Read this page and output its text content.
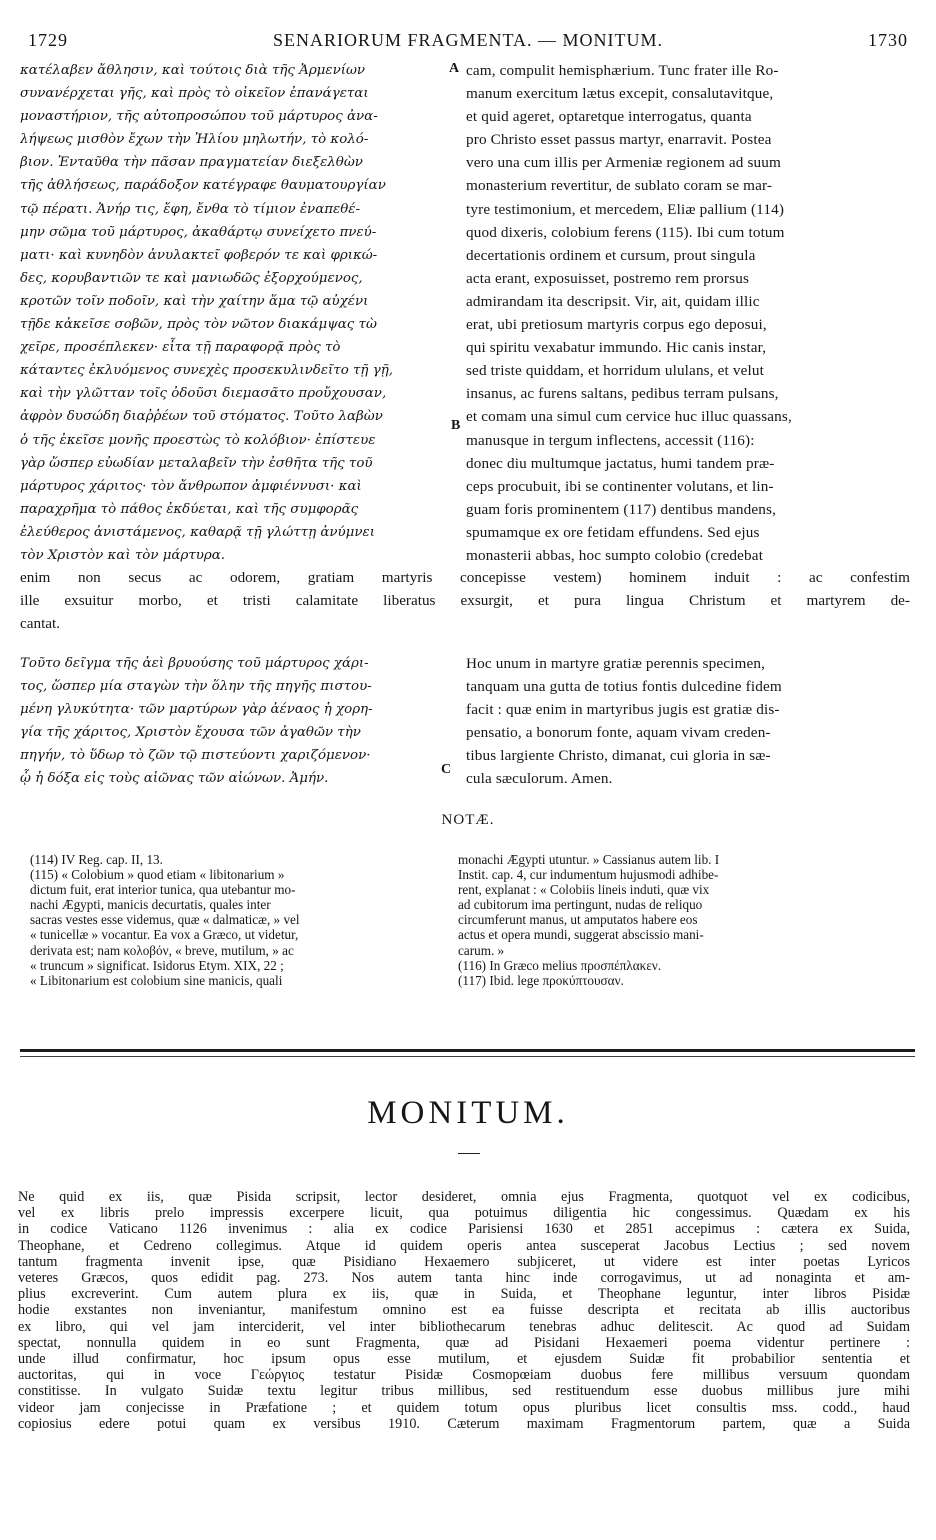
SENARIORUM FRAGMENTA. — MONITUM.
1729	1730
κατέλαβεν ἄθλησιν, καὶ τούτοις διὰ τῆς Ἀρμενίων
συνανέρχεται γῆς, καὶ πρὸς τὸ οἰκεῖον ἐπανάγεται
μοναστήριον, τῆς αὐτοπροσώπου τοῦ μάρτυρος ἀνα-
λήψεως μισθὸν ἔχων τὴν Ἠλίου μηλωτήν, τὸ κολό-
βιον. Ἐνταῦθα τὴν πᾶσαν πραγματείαν διεξελθὼν
τῆς ἀθλήσεως, παράδοξον κατέγραφε θαυματουργίαν
τῷ πέρατι. Ἀνήρ τις, ἔφη, ἔνθα τὸ τίμιον ἐναπεθέ-
μην σῶμα τοῦ μάρτυρος, ἀκαθάρτῳ συνείχετο πνεύ-
ματι· καὶ κυνηδὸν ἀνυλακτεῖ φοβερόν τε καὶ φρικώ-
δες, κορυβαντιῶν τε καὶ μανιωδῶς ἐξορχούμενος,
κροτῶν τοῖν ποδοῖν, καὶ τὴν χαίτην ἅμα τῷ αὐχένι
τῇδε κἀκεῖσε σοβῶν, πρὸς τὸν νῶτον διακάμψας τὼ
χεῖρε, προσέπλεκεν· εἶτα τῇ παραφορᾷ πρὸς τὸ
κάταντες ἐκλυόμενος συνεχὲς προσεκυλινδεῖτο τῇ γῇ,
καὶ τὴν γλῶτταν τοῖς ὀδοῦσι διεμασᾶτο προὔχουσαν,
ἀφρὸν δυσώδη διαῤῥέων τοῦ στόματος. Τοῦτο λαβὼν
ὁ τῆς ἐκεῖσε μονῆς προεστὼς τὸ κολόβιον· ἐπίστευε
γὰρ ὥσπερ εὐωδίαν μεταλαβεῖν τὴν ἐσθῆτα τῆς τοῦ
μάρτυρος χάριτος· τὸν ἄνθρωπον ἀμφιέννυσι· καὶ
παραχρῆμα τὸ πάθος ἐκδύεται, καὶ τῆς συμφορᾶς
ἐλεύθερος ἀνιστάμενος, καθαρᾷ τῇ γλώττῃ ἀνύμνει
τὸν Χριστὸν καὶ τὸν μάρτυρα.
A
B
C
cam, compulit hemisphærium. Tunc frater ille Ro-
manum exercitum lætus excepit, consalutavitque,
et quid ageret, optaretque interrogatus, quanta
pro Christo esset passus martyr, enarravit. Postea
vero una cum illis per Armeniæ regionem ad suum
monasterium revertitur, de sublato coram se mar-
tyre testimonium, et mercedem, Eliæ pallium (114)
quod dixeris, colobium ferens (115). Ibi cum totum
decertationis ordinem et cursum, prout singula
acta erant, exposuisset, postremo rem prorsus
admirandam ita descripsit. Vir, ait, quidam illic
erat, ubi pretiosum martyris corpus ego deposui,
qui spiritu vexabatur immundo. Hic canis instar,
sed triste quiddam, et horridum ululans, et velut
insanus, ac furens saltans, pedibus terram pulsans,
et comam una simul cum cervice huc illuc quassans,
manusque in tergum inflectens, accessit (116):
donec diu multumque jactatus, humi tandem præ-
ceps procubuit, ibi se continenter volutans, et lin-
guam foris prominentem (117) dentibus mandens,
spumamque ex ore fetidam effundens. Sed ejus
monasterii abbas, hoc sumpto colobio (credebat
enim non secus ac odorem, gratiam martyris concepisse vestem) hominem induit : ac confestim
ille exsuitur morbo, et tristi calamitate liberatus exsurgit, et pura lingua Christum et martyrem de-
cantat.
Τοῦτο δεῖγμα τῆς ἀεὶ βρυούσης τοῦ μάρτυρος χάρι-
τος, ὥσπερ μία σταγὼν τὴν ὅλην τῆς πηγῆς πιστου-
μένη γλυκύτητα· τῶν μαρτύρων γὰρ ἀέναος ἡ χορη-
γία τῆς χάριτος, Χριστὸν ἔχουσα τῶν ἀγαθῶν τὴν
πηγήν, τὸ ὕδωρ τὸ ζῶν τῷ πιστεύοντι χαριζόμενον·
ᾧ ἡ δόξα εἰς τοὺς αἰῶνας τῶν αἰώνων. Ἀμήν.
Hoc unum in martyre gratiæ perennis specimen,
tanquam una gutta de totius fontis dulcedine fidem
facit : quæ enim in martyribus jugis est gratiæ dis-
pensatio, a bonorum fonte, aquam vivam creden-
tibus largiente Christo, dimanat, cui gloria in sæ-
cula sæculorum. Amen.
NOTÆ.
(114) IV Reg. cap. II, 13.
(115) « Colobium » quod etiam « libitonarium »
dictum fuit, erat interior tunica, qua utebantur mo-
nachi Ægypti, manicis decurtatis, quales inter
sacras vestes esse videmus, quæ « dalmaticæ, » vel
« tunicellæ » vocantur. Ea vox a Græco, ut videtur,
derivata est; nam κολοβόν, « breve, mutilum, » ac
« truncum » significat. Isidorus Etym. XIX, 22 ;
« Libitonarium est colobium sine manicis, quali
monachi Ægypti utuntur. » Cassianus autem lib. I
Instit. cap. 4, cur indumentum hujusmodi adhibe-
rent, explanat : « Colobiis lineis induti, quæ vix
ad cubitorum ima pertingunt, nudas de reliquo
circumferunt manus, ut amputatos habere eos
actus et opera mundi, suggerat abscissio mani-
carum. »
(116) In Græco melius προσπέπλακεν.
(117) Ibid. lege προκύπτουσαν.
MONITUM.
Ne quid ex iis, quæ Pisida scripsit, lector desideret, omnia ejus Fragmenta, quotquot vel ex codicibus,
vel ex libris prelo impressis excerpere licuit, qua potuimus diligentia hic congessimus. Quædam ex his
in codice Vaticano 1126 invenimus : alia ex codice Parisiensi 1630 et 2851 accepimus : cætera ex Suida,
Theophane, et Cedreno collegimus. Atque id quidem operis antea susceperat Jacobus Lectius ; sed novem
tantum fragmenta invenit ipse, quæ Pisidiano Hexaemero subjiceret, ut videre est inter poetas Lyricos
veteres Græcos, quos edidit pag. 273. Nos autem tanta hinc inde corrogavimus, ut ad nonaginta et am-
plius excreverint. Cum autem plura ex iis, quæ in Suida, et Theophane leguntur, inter libros Pisidæ
hodie exstantes non inveniantur, manifestum omnino est ea fuisse descripta et recitata ab illis auctoribus
ex libro, qui vel jam interciderit, vel inter bibliothecarum tenebras adhuc delitescit. Ac quod ad Suidam
spectat, nonnulla quidem in eo sunt Fragmenta, quæ ad Pisidani Hexaemeri poema videntur pertinere :
unde illud confirmatur, hoc ipsum opus esse mutilum, et ejusdem Suidæ fit probabilior sententia et
auctoritas, qui in voce Γεώργιος testatur Pisidæ Cosmopœiam duobus fere millibus versuum quondam
constitisse. In vulgato Suidæ textu legitur tribus millibus, sed restituendum esse duobus millibus jure mihi
videor jam conjecisse in Præfatione ; et quidem totum opus pluribus licet consultis mss. codd., haud
copiosius edere potui quam ex versibus 1910. Cæterum maximam Fragmentorum partem, quæ a Suida
